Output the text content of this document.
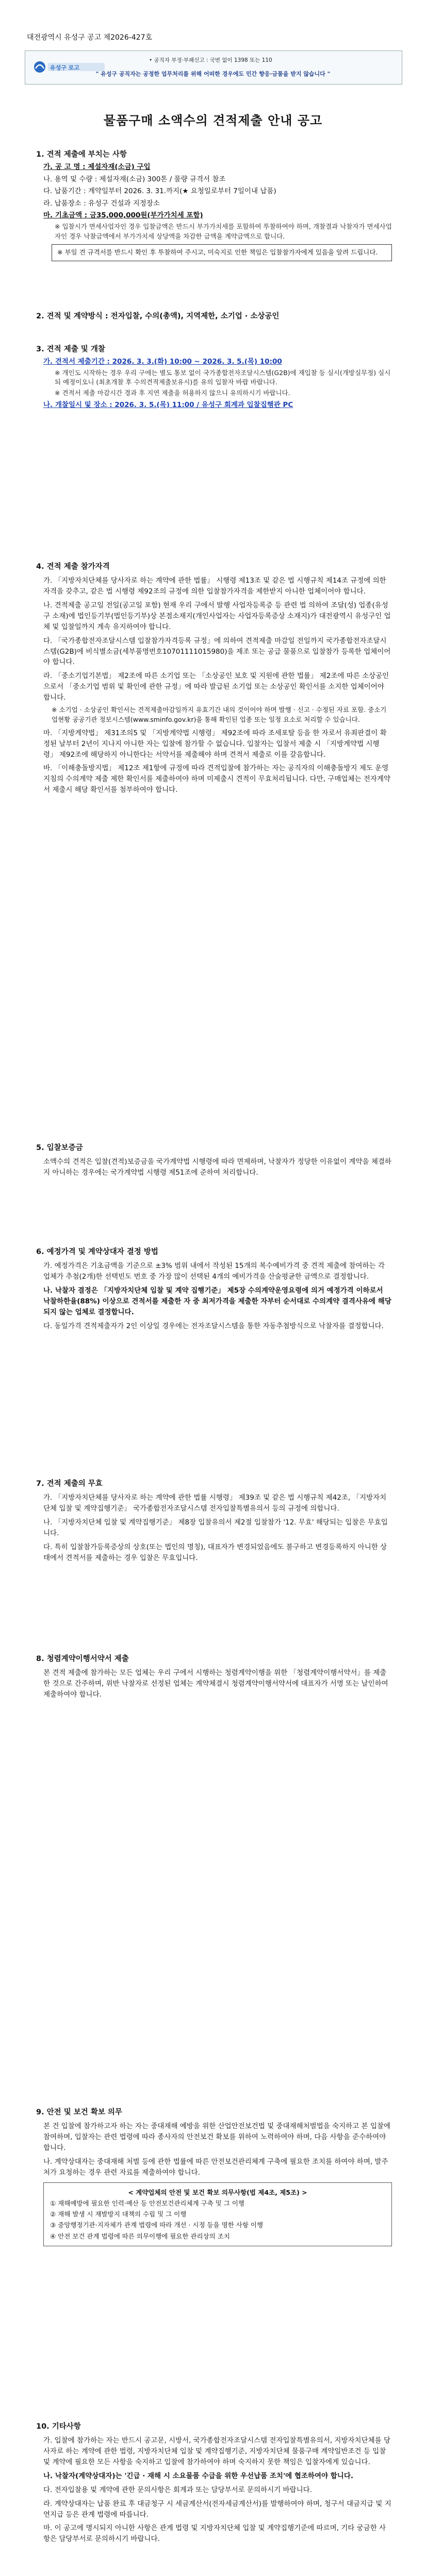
대전광역시 유성구 공고 제2026-427호
유성구 로고
• 공직자 부정·부패신고 : 국번 없이 1398 또는 110
" 유성구 공직자는 공정한 업무처리를 위해 어떠한 경우에도 민간 향응·금품을 받지 않습니다 "
물품구매 소액수의 견적제출 안내 공고

1. 견적 제출에 부치는 사항

가. 공 고 명 : 제설자재(소금) 구입

나. 용역 및 수량 : 제설자재(소금) 300톤 / 물량 규격서 참조

다. 납품기간 : 계약일부터 2026. 3. 31.까지(★ 요청일로부터 7일이내 납품)

라. 납품장소 : 유성구 건설과 지정장소

마. 기초금액 : 금35,000,000원(부가가치세 포함)

※ 입찰시가 면세사업자인 경우 입찰금액은 반드시 부가가치세를 포함하여 투찰하여야 하며, 개찰결과 낙찰자가 면세사업자인 경우 낙찰금액에서 부가가치세 상당액을 차감한 금액을 계약금액으로 합니다.

※ 부일 견 규격서를 반드시 확인 후 투찰하여 주시고, 미숙지로 인한 책임은 입찰참가자에게 있음을 알려 드립니다.

2. 견적 및 계약방식 : 전자입찰, 수의(총액), 지역제한, 소기업 · 소상공인

3. 견적 제출 및 개찰

가. 견적서 제출기간 : 2026. 3. 3.(화) 10:00 ~ 2026. 3. 5.(목) 10:00

※ 개인도 시작하는 경우 우리 구에는 별도 통보 없이 국가종합전자조달시스템(G2B)에 재입찰 등 실시(개방실무정) 실시되 예정이오니 (최초개찰 후 수의견적제출보유시)를 유의 입찰자 바랍 바랍니다.

※ 견적서 제출 마감시간 경과 후 지연 제출을 허용하지 않으니 유의하시기 바랍니다.

나. 개찰일시 및 장소 : 2026. 3. 5.(목) 11:00 / 유성구 회계과 입찰집행관 PC

4. 견적 제출 참가자격

가. 「지방자치단체를 당사자로 하는 계약에 관한 법률」 시행령 제13조 및 같은 법 시행규칙 제14조 규정에 의한 자격을 갖추고, 같은 법 시행령 제92조의 규정에 의한 입찰참가자격을 제한받지 아니한 업체이어야 합니다.

나. 견적제출 공고일 전일(공고일 포함) 현재 우리 구에서 발행 사업자등록증 등 관련 법 의하여 조달(성) 업종(유성구 소재)에 법인등기부(법인등기부)상 본점소재지(개인사업자는 사업자등록증상 소재지)가 대전광역시 유성구인 업체 및 입찰일까지 계속 유지하여야 합니다.

다. 「국가종합전자조달시스템 입찰참가자격등록 규정」에 의하여 견적제출 마감일 전일까지 국가종합전자조달시스템(G2B)에 비식별소금(세부품명번호10701111015980)을 제조 또는 공급 물품으로 입찰참가 등록한 업체이어야 합니다.

라. 「중소기업기본법」 제2조에 따른 소기업 또는 「소상공인 보호 및 지원에 관한 법률」 제2조에 따른 소상공인으로서 「중소기업 범위 및 확인에 관한 규정」에 따라 발급된 소기업 또는 소상공인 확인서를 소지한 업체이어야 합니다.

※ 소기업 · 소상공인 확인서는 견적제출마감일까지 유효기간 내의 것이어야 하며 발행 · 신고 · 수정된 자료 포함. 중소기업현황 공공기관 정보시스템(www.sminfo.gov.kr)을 통해 확인된 업종 또는 일정 요소로 처리할 수 있습니다.

마. 「지방계약법」 제31조의5 및 「지방계약법 시행령」 제92조에 따라 조세포탈 등을 한 자로서 유죄판결이 확정된 날부터 2년이 지나지 아니한 자는 입찰에 참가할 수 없습니다. 입찰자는 입찰서 제출 시 「지방계약법 시행령」 제92조에 해당하지 아니한다는 서약서를 제출해야 하며 견적서 제출로 이를 갈음합니다.

바. 「이해충돌방지법」 제12조 제1항에 규정에 따라 견적입찰에 참가하는 자는 공직자의 이해충돌방지 제도 운영지침의 수의계약 제출 제한 확인서를 제출하여야 하며 미제출시 견적이 무효처리됩니다. 다만, 구매업체는 전자계약서 제출시 해당 확인서를 첨부하여야 합니다.

5. 입찰보증금

소액수의 견적은 입찰(견적)보증금을 국가계약법 시행령에 따라 면제하며, 낙찰자가 정당한 이유없이 계약을 체결하지 아니하는 경우에는 국가계약법 시행령 제51조에 준하여 처리합니다.

6. 예정가격 및 계약상대자 결정 방법

가. 예정가격은 기초금액을 기준으로 ±3% 범위 내에서 작성된 15개의 복수예비가격 중 견적 제출에 참여하는 각 업체가 추첨(2개)한 선택빈도 번호 중 가장 많이 선택된 4개의 예비가격을 산술평균한 금액으로 결정합니다.

나. 낙찰자 결정은 「지방자치단체 입찰 및 계약 집행기준」 제5장 수의계약운영요령에 의거 예정가격 이하로서 낙찰하한율(88%) 이상으로 견적서를 제출한 자 중 최저가격을 제출한 자부터 순서대로 수의계약 결격사유에 해당되지 않는 업체로 결정합니다.

다. 동일가격 견적제출자가 2인 이상일 경우에는 전자조달시스템을 통한 자동추첨방식으로 낙찰자를 결정합니다.

7. 견적 제출의 무효

가. 「지방자치단체를 당사자로 하는 계약에 관한 법률 시행령」 제39조 및 같은 법 시행규칙 제42조, 「지방자치단체 입찰 및 계약집행기준」 국가종합전자조달시스템 전자입찰특별유의서 등의 규정에 의합니다.

나. 「지방자치단체 입찰 및 계약집행기준」 제8장 입찰유의서 제2절 입찰참가 '12. 무효' 해당되는 입찰은 무효입니다.

다. 특히 입찰참가등록증상의 상호(또는 법인의 명칭), 대표자가 변경되었음에도 불구하고 변경등록하지 아니한 상태에서 견적서를 제출하는 경우 입찰은 무효입니다.

8. 청렴계약이행서약서 제출

본 견적 제출에 참가하는 모든 업체는 우리 구에서 시행하는 청렴계약이행을 위한 「청렴계약이행서약서」를 제출한 것으로 간주하며, 위반 낙찰자로 선정된 업체는 계약체결시 청렴계약이행서약서에 대표자가 서명 또는 날인하여 제출하여야 합니다.

9. 안전 및 보건 확보 의무

본 건 입찰에 참가하고자 하는 자는 중대재해 예방을 위한 산업안전보건법 및 중대재해처벌법을 숙지하고 본 입찰에 참여하며, 입찰자는 관련 법령에 따라 종사자의 안전보건 확보를 위하여 노력하여야 하며, 다음 사항을 준수하여야 합니다.

나. 계약상대자는 중대재해 처벌 등에 관한 법률에 따른 안전보건관리체계 구축에 필요한 조치를 하여야 하며, 발주처가 요청하는 경우 관련 자료를 제출하여야 합니다.

< 계약업체의 안전 및 보건 확보 의무사항(법 제4조, 제5조) >
① 재해예방에 필요한 인력·예산 등 안전보건관리체계 구축 및 그 이행
② 재해 발생 시 재발방지 대책의 수립 및 그 이행
③ 중앙행정기관·지자체가 관계 법령에 따라 개선 · 시정 등을 명한 사항 이행
④ 안전 보건 관계 법령에 따른 의무이행에 필요한 관리상의 조치

10. 기타사항

가. 입찰에 참가하는 자는 반드시 공고문, 시방서, 국가종합전자조달시스템 전자입찰특별유의서, 지방자치단체를 당사자로 하는 계약에 관한 법령, 지방자치단체 입찰 및 계약집행기준, 지방자치단체 물품구매 계약일반조건 등 입찰 및 계약에 필요한 모든 사항을 숙지하고 입찰에 참가하여야 하며 숙지하지 못한 책임은 입찰자에게 있습니다.

나. 낙찰자(계약상대자)는 '긴급 · 재해 시 소요물품 수급을 위한 우선납품 조치'에 협조하여야 합니다.

다. 전자입찰용 및 계약에 관한 문의사항은 회계과 또는 담당부서로 문의하시기 바랍니다.

라. 계약상대자는 납품 완료 후 대금청구 시 세금계산서(전자세금계산서)를 발행하여야 하며, 청구서 대금지급 및 지연지급 등은 관계 법령에 따릅니다.

마. 이 공고에 명시되지 아니한 사항은 관계 법령 및 지방자치단체 입찰 및 계약집행기준에 따르며, 기타 궁금한 사항은 담당부서로 문의하시기 바랍니다.
